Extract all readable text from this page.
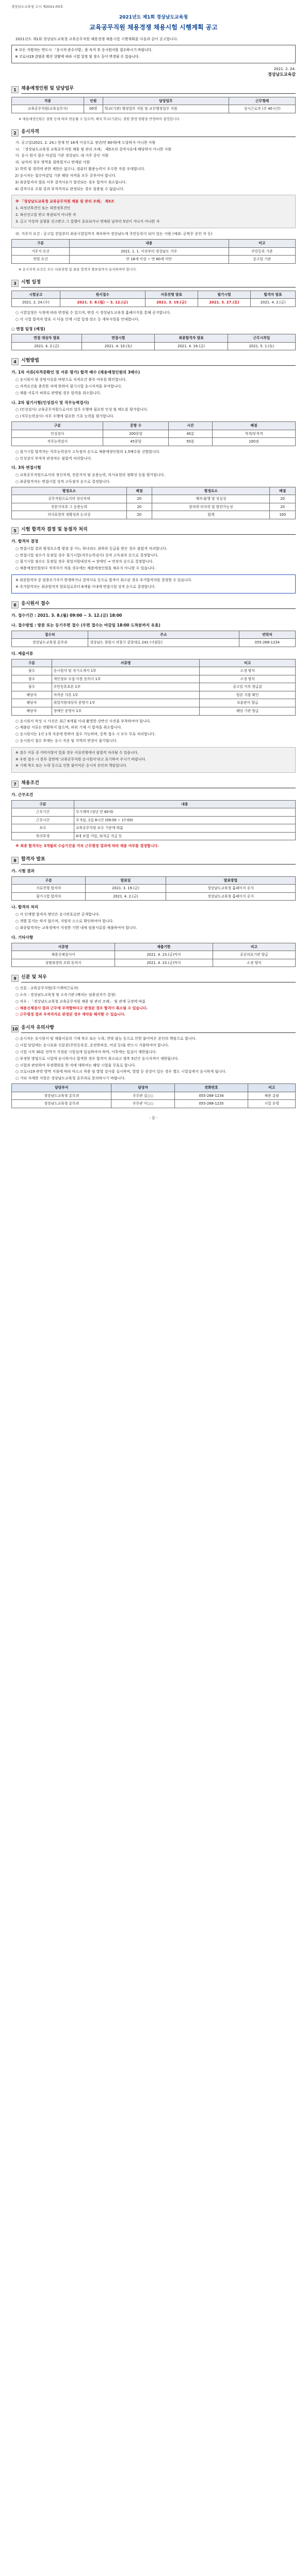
경상남도교육청 고시 제2021-00호
2021년도 제1회 경상남도교육청
교육공무직원 채용경쟁 채용시험 시행계획 공고
2021년도 제1회 경상남도교육청 교육공무직원 채용경쟁 채용시험 시행계획을 다음과 같이 공고합니다.

※ 모든 지원자는 반드시 「응시자 준수사항」을 숙지 후 응시원서를 접수하시기 바랍니다.

※ 코로나19 감염증 확산 상황에 따라 시험 일정 및 장소 등이 변경될 수 있습니다.

2021. 2. 24.
경상남도교육감
1	채용예정인원 및 담당업무
직종	인원	담당업무	근무형태
교육공무직원(교육실무사)	00명	학교(기관) 행정업무 지원 및 교무행정업무 지원	상시근로자 (주 40시간)
※ 채용예정인원은 결원 등에 따라 변동될 수 있으며, 배치 학교(기관)는 결원 발생 현황을 반영하여 결정합니다.
2	응시자격
가. 공고일(2021. 2. 24.) 현재 만 18세 이상으로 정년(만 60세)에 도달하지 아니한 사람
나. 「경상남도교육청 교육공무직원 채용 및 관리 조례」 제5조의 결격사유에 해당하지 아니한 사람
다. 응시 원서 접수 마감일 기준 경상남도 내 거주 중인 사람
라. 남자의 경우 병역을 필하였거나 면제된 사람
1) 학력 및 경력에 관한 제한은 없으나, 컴퓨터 활용능력이 우수한 자를 우대합니다.
2) 응시자는 접수마감일 기준 해당 자격을 모두 갖추어야 합니다.
3) 최종합격자 발표 이후 결격사유가 발견되는 경우 합격이 취소됩니다.
4) 결격사유 조회 결과 부적격자로 판정되는 경우 임용될 수 없습니다.

※ 「경상남도교육청 교육공무직원 채용 및 관리 조례」 제5조

1. 피성년후견인 또는 피한정후견인

2. 파산선고를 받고 복권되지 아니한 자

3. 금고 이상의 실형을 선고받고 그 집행이 종료되거나 면제된 날부터 5년이 지나지 아니한 자

라. 거주지 요건 : 공고일 전일부터 최종시험일까지 계속하여 경상남도에 주민등록이 되어 있는 사람 (예외: 군복무 중인 자 등)
구분	내용	비고
거주지 요건	2021. 1. 1. 이전부터 경상남도 거주	주민등록 기준
연령 요건	만 18세 이상 ~ 만 60세 미만	공고일 기준
※ 응시자격 요건은 모두 서류전형 및 최종 합격자 발표일까지 유지하여야 합니다.
3	시험 일정
시험공고	원서접수	서류전형 발표	필기시험	합격자 발표
2021. 2. 24.(수)	2021. 3. 8.(월) ~ 3. 12.(금)	2021. 3. 19.(금)	2021. 3. 27.(토)	2021. 4. 2.(금)
○ 시험일정은 사정에 따라 변경될 수 있으며, 변경 시 경상남도교육청 홈페이지를 통해 공지합니다.
○ 각 시험 합격자 발표 시 다음 단계 시험 일정·장소 등 세부사항을 안내합니다.
○ 면접 일정 (예정)
면접 대상자 발표	면접시험	최종합격자 발표	근무시작일
2021. 4. 2.(금)	2021. 4. 10.(토)	2021. 4. 16.(금)	2021. 5. 1.(토)
4	시험방법
가. 1차 서류(자격증확인 및 서류 평가) 합격 배수 (채용예정인원의 3배수)
○ 응시원서 및 증빙서류를 바탕으로 자격요건 충족 여부를 확인합니다.
○ 자격요건을 충족한 자에 한하여 필기시험 응시자격을 부여합니다.
○ 제출 서류가 허위로 판명될 경우 합격을 취소합니다.
나. 2차 필기시험(인성검사 및 직무능력검사)
○ (인성검사) 교육공무직원으로서의 업무 수행에 필요한 인성 및 태도를 평가합니다.
○ (직무능력검사) 직무 수행에 필요한 기초 능력을 평가합니다.
구분	문항 수	시간	배점
인성검사	200문항	40분	적격/부적격
직무능력검사	45문항	50분	100점
○ 필기시험 합격자는 직무능력검사 고득점자 순으로 채용예정인원의 1.5배수를 선발합니다.
○ 인성검사 부적격 판정자는 불합격 처리합니다.
다. 3차 면접시험
○ 교육공무직원으로서의 정신자세, 전문지식 및 응용능력, 의사표현의 정확성 등을 평가합니다.
○ 최종합격자는 면접시험 성적 고득점자 순으로 결정합니다.
평정요소	배점	평정요소	배점
공무직원으로서의 정신자세	20	예의·품행 및 성실성	20
전문지식과 그 응용능력	20	창의력·의지력 및 발전가능성	20
의사표현의 정확성과 논리성	20	합계	100
5	시험 합격자 결정 및 동점자 처리
가. 합격자 결정
○ 면접시험 결과 평정요소별 평점 중 어느 하나라도 최하위 등급을 받은 경우 불합격 처리합니다.
○ 면접시험 점수가 동점일 경우 필기시험(직무능력검사) 성적 고득점자 순으로 결정합니다.
○ 필기시험 점수도 동점일 경우 취업지원대상자 → 장애인 → 연장자 순으로 결정합니다.
○ 채용예정인원보다 적격자가 적을 경우에는 채용예정인원을 채우지 아니할 수 있습니다.

※ 최종합격자 중 임용포기자가 발생하거나 결격사유 등으로 합격이 취소된 경우 추가합격자를 결정할 수 있습니다.

※ 추가합격자는 최종합격자 발표일로부터 6개월 이내에 면접시험 성적 순으로 결정합니다.

6	응시원서 접수
가. 접수기간 : 2021. 3. 8.(월) 09:00 ~ 3. 12.(금) 18:00
나. 접수방법 : 방문 또는 등기우편 접수 (우편 접수는 마감일 18:00 도착분까지 유효)
접수처	주소	연락처
경상남도교육청 총무과	경상남도 창원시 의창구 중앙대로 241 (사림동)	055-268-1234
다. 제출서류
구분	서류명	비고
필수	응시원서 및 자기소개서 1부	소정 양식
필수	개인정보 수집·이용 동의서 1부	소정 양식
필수	주민등록초본 1부	공고일 이후 발급분
해당자	자격증 사본 1부	원본 지참 확인
해당자	취업지원대상자 증명서 1부	보훈관서 발급
해당자	장애인 증명서 1부	해당 기관 발급
○ 응시원서 작성 시 사진은 최근 6개월 이내 촬영한 상반신 사진을 부착하여야 합니다.
○ 제출된 서류는 반환하지 않으며, 허위 기재 시 합격을 취소합니다.
○ 응시원서는 1인 1개 직종에 한하여 접수 가능하며, 중복 접수 시 모두 무효 처리합니다.
○ 응시원서 접수 후에는 응시 직종 및 지역의 변경이 불가합니다.

※ 접수 서류 중 미비사항이 있을 경우 서류전형에서 불합격 처리될 수 있습니다.

※ 우편 접수 시 봉투 겉면에 '교육공무직원 응시원서'라고 표기하여 주시기 바랍니다.

※ 기재 착오 또는 누락 등으로 인한 불이익은 응시자 본인의 책임입니다.

7	채용조건
가. 근무조건
구분	내용
근무기간	무기계약 (정년 만 60세)
근무시간	주 5일, 1일 8시간 (09:00 ~ 17:00)
보수	교육공무직원 보수 기준에 따름
복리후생	4대 보험 가입, 퇴직금 지급 등
※ 최종 합격자는 3개월의 수습기간을 거쳐 근무평정 결과에 따라 채용 여부를 결정합니다.
8	합격자 발표
가. 시험 결과
구분	발표일	발표방법
서류전형 합격자	2021. 3. 19.(금)	경상남도교육청 홈페이지 공지
필기시험 합격자	2021. 4. 2.(금)	경상남도교육청 홈페이지 공지
나. 합격자 처리
○ 각 단계별 합격자 명단은 응시번호로만 공개합니다.
○ 개별 통지는 하지 않으며, 지원자 스스로 확인하여야 합니다.
○ 최종합격자는 교육청에서 지정한 기한 내에 임용서류를 제출하여야 합니다.
다. 기타사항
서류명	제출기한	비고
채용신체검사서	2021. 4. 23.(금)까지	공공의료기관 발급
성범죄경력 조회 동의서	2021. 4. 23.(금)까지	소정 양식
9	신분 및 처우
○ 신분 : 교육공무직원(무기계약근로자)
○ 소속 : 경상남도교육청 및 소속기관 (배치는 임용권자가 결정)
○ 처우 : 「경상남도교육청 교육공무직원 채용 및 관리 조례」 및 관계 규정에 따름
○ 채용신체검사 결과 근무에 부적합하다고 판정된 경우 합격이 취소될 수 있습니다.
○ 근무평정 결과 부적격자로 판정된 경우 계약을 해지할 수 있습니다.
10 응시자 유의사항
○ 응시자는 응시원서 및 제출서류의 기재 착오 또는 누락, 연락 불능 등으로 인한 불이익은 본인의 책임으로 합니다.
○ 시험 당일에는 응시표와 신분증(주민등록증, 운전면허증, 여권 등)을 반드시 지참하여야 합니다.
○ 시험 시작 30분 전까지 지정된 시험실에 입실하여야 하며, 이후에는 입실이 제한됩니다.
○ 부정한 방법으로 시험에 응시하거나 합격한 경우 합격이 취소되고 향후 5년간 응시자격이 제한됩니다.
○ 시험과 관련하여 부정행위를 한 자에 대하여는 해당 시험을 무효로 합니다.
○ 코로나19 관련 방역 지침에 따라 마스크 착용 및 발열 검사를 실시하며, 발열 등 증상이 있는 경우 별도 시험실에서 응시하게 됩니다.
○ 기타 자세한 사항은 경상남도교육청 총무과로 문의하시기 바랍니다.
담당부서	담당자	전화번호	비고
경상남도교육청 총무과	주무관 김○○	055-268-1234	채용 총괄
경상남도교육청 총무과	주무관 이○○	055-268-1235	시험 운영
- 끝 -
